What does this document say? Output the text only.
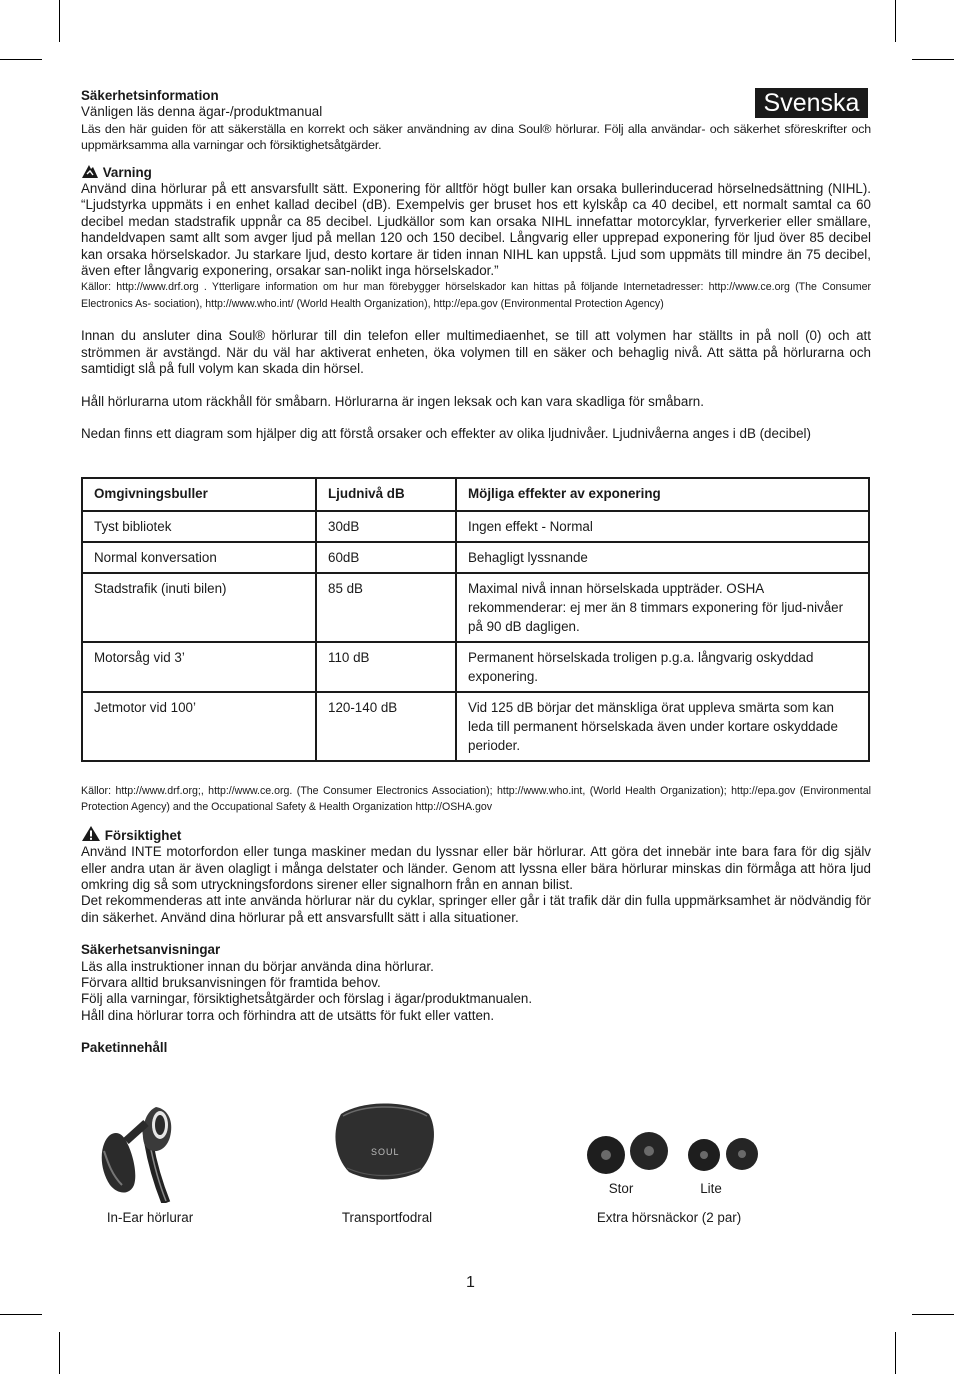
Svenska

Säkerhetsinformation

Vänligen läs denna ägar-/produktmanual

Läs den här guiden för att säkerställa en korrekt och säker användning av dina Soul® hörlurar. Följ alla användar- och säkerhet sföreskrifter och uppmärksamma alla varningar och försiktighetsåtgärder.

Varning

Använd dina hörlurar på ett ansvarsfullt sätt. Exponering för alltför högt buller kan orsaka bullerinducerad hörselnedsättning (NIHL). “Ljudstyrka uppmäts i en enhet kallad decibel (dB). Exempelvis ger bruset hos ett kylskåp ca 40 decibel, ett normalt samtal ca 60 decibel medan stadstrafik uppnår ca 85 decibel. Ljudkällor som kan orsaka NIHL innefattar motorcyklar, fyrverkerier eller smällare, handeldvapen samt allt som avger ljud på mellan 120 och 150 decibel. Långvarig eller upprepad exponering för ljud över 85 decibel kan orsaka hörselskador. Ju starkare ljud, desto kortare är tiden innan NIHL kan uppstå. Ljud som uppmäts till mindre än 75 decibel, även efter långvarig exponering, orsakar san-nolikt inga hörselskador.”

Källor: http://www.drf.org . Ytterligare information om hur man förebygger hörselskador kan hittas på följande Internetadresser: http://www.ce.org (The Consumer Electronics As- sociation), http://www.who.int/ (World Health Organization), http://epa.gov (Environmental Protection Agency)

Innan du ansluter dina Soul® hörlurar till din telefon eller multimediaenhet, se till att volymen har ställts in på noll (0) och att strömmen är avstängd. När du väl har aktiverat enheten, öka volymen till en säker och behaglig nivå. Att sätta på hörlurarna och samtidigt slå på full volym kan skada din hörsel.

Håll hörlurarna utom räckhåll för småbarn. Hörlurarna är ingen leksak och kan vara skadliga för småbarn.

Nedan finns ett diagram som hjälper dig att förstå orsaker och effekter av olika ljudnivåer. Ljudnivåerna anges i dB (decibel)

Omgivningsbuller	Ljudnivå dB	Möjliga effekter av exponering
Tyst bibliotek	30dB	Ingen effekt - Normal
Normal konversation	60dB	Behagligt lyssnande
Stadstrafik (inuti bilen)	85 dB	Maximal nivå innan hörselskada uppträder. OSHA rekommenderar: ej mer än 8 timmars exponering för ljud-nivåer på 90 dB dagligen.
Motorsåg vid 3’	110 dB	Permanent hörselskada troligen p.g.a. långvarig oskyddad exponering.
Jetmotor vid 100’	120-140 dB	Vid 125 dB börjar det mänskliga örat uppleva smärta som kan leda till permanent hörselskada även under kortare oskyddade perioder.

Källor: http://www.drf.org;, http://www.ce.org. (The Consumer Electronics Association); http://www.who.int, (World Health Organization); http://epa.gov (Environmental Protection Agency) and the Occupational Safety & Health Organization http://OSHA.gov

Försiktighet

Använd INTE motorfordon eller tunga maskiner medan du lyssnar eller bär hörlurar. Att göra det innebär inte bara fara för dig själv eller andra utan är även olagligt i många delstater och länder. Genom att lyssna eller bära hörlurar minskas din förmåga att höra ljud omkring dig så som utryckningsfordons sirener eller signalhorn från en annan bilist.

Det rekommenderas att inte använda hörlurar när du cyklar, springer eller går i tät trafik där din fulla uppmärksamhet är nödvändig för din säkerhet. Använd dina hörlurar på ett ansvarsfullt sätt i alla situationer.

Säkerhetsanvisningar

Läs alla instruktioner innan du börjar använda dina hörlurar.

Förvara alltid bruksanvisningen för framtida behov.

Följ alla varningar, försiktighetsåtgärder och förslag i ägar/produktmanualen.

Håll dina hörlurar torra och förhindra att de utsätts för fukt eller vatten.

Paketinnehåll

SOUL
Stor	Lite
In-Ear hörlurar	Transportfodral	Extra hörsnäckor (2 par)
1
